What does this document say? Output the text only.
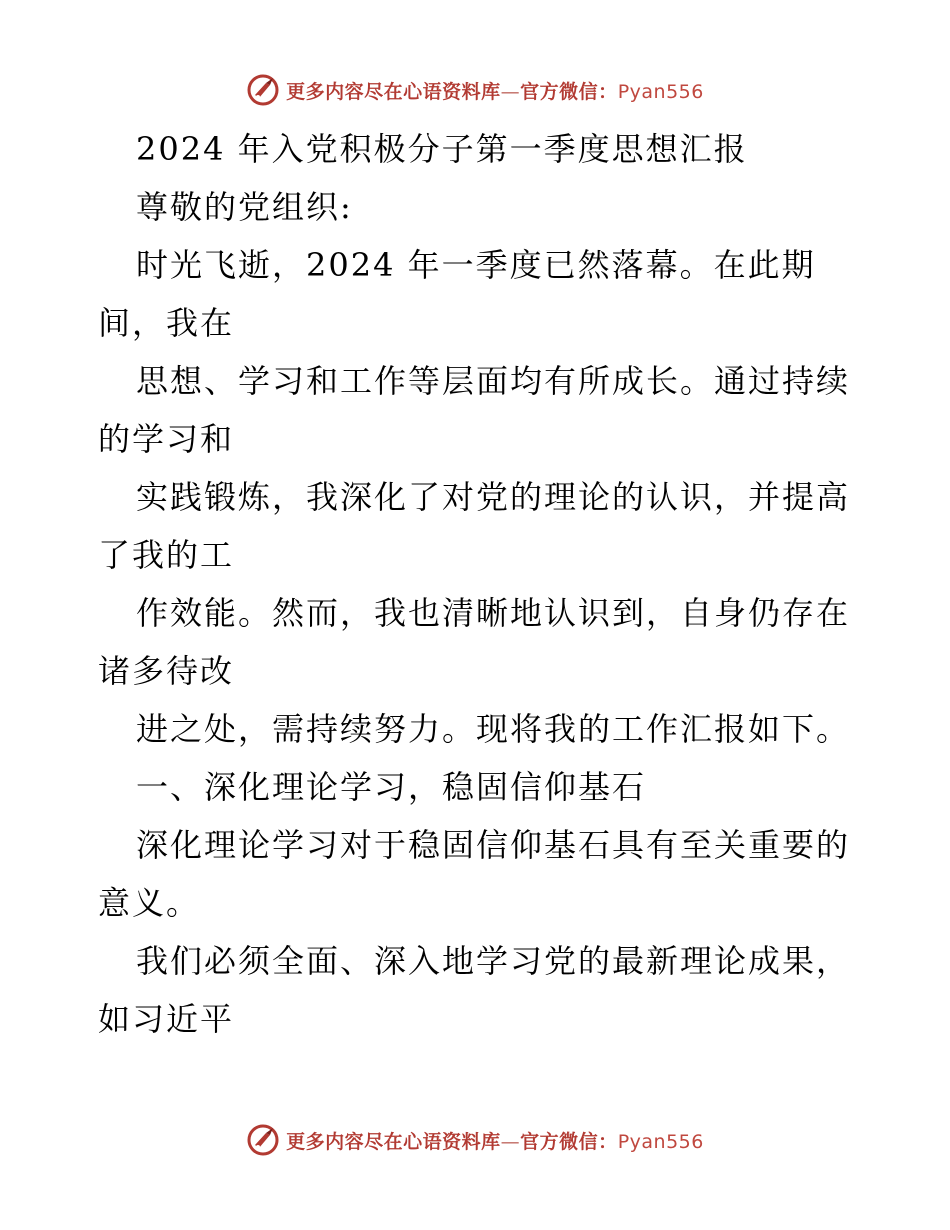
更多内容尽在心语资料库—官方微信：Pyan556
2024 年入党积极分子第一季度思想汇报
尊敬的党组织:
时光飞逝，2024 年一季度已然落幕。在此期
间，我在
思想、学习和工作等层面均有所成长。通过持续
的学习和
实践锻炼，我深化了对党的理论的认识，并提高
了我的工
作效能。然而，我也清晰地认识到，自身仍存在
诸多待改
进之处，需持续努力。现将我的工作汇报如下。
一、深化理论学习，稳固信仰基石
深化理论学习对于稳固信仰基石具有至关重要的
意义。
我们必须全面、深入地学习党的最新理论成果，
如习近平
更多内容尽在心语资料库—官方微信：Pyan556
